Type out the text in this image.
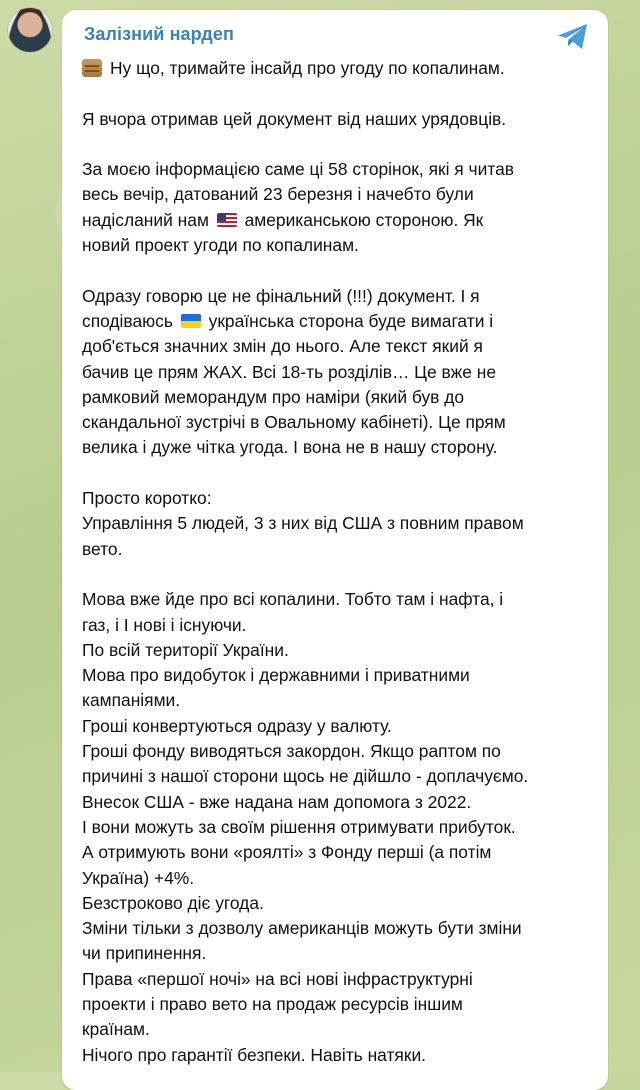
Залізний нардеп
Ну що, тримайте інсайд про угоду по копалинам.
Я вчора отримав цей документ від наших урядовців.
За моєю інформацією саме ці 58 сторінок, які я читав
весь вечір, датований 23 березня і начебто були
надісланий нам американською стороною. Як
новий проект угоди по копалинам.
Одразу говорю це не фінальний (!!!) документ. І я
сподіваюсь українська сторона буде вимагати і
доб'ється значних змін до нього. Але текст який я
бачив це прям ЖАХ. Всі 18-ть розділів… Це вже не
рамковий меморандум про наміри (який був до
скандальної зустрічі в Овальному кабінеті). Це прям
велика і дуже чітка угода. І вона не в нашу сторону.
Просто коротко:
Управління 5 людей, 3 з них від США з повним правом
вето.
Мова вже йде про всі копалини. Тобто там і нафта, і
газ, і І нові і існуючи.
По всій території України.
Мова про видобуток і державними і приватними
кампаніями.
Гроші конвертуються одразу у валюту.
Гроші фонду виводяться закордон. Якщо раптом по
причині з нашої сторони щось не дійшло - доплачуємо.
Внесок США - вже надана нам допомога з 2022.
І вони можуть за своїм рішення отримувати прибуток.
А отримують вони «роялті» з Фонду перші (а потім
Україна) +4%.
Безстроково діє угода.
Зміни тільки з дозволу американців можуть бути зміни
чи припинення.
Права «першої ночі» на всі нові інфраструктурні
проекти і право вето на продаж ресурсів іншим
країнам.
Нічого про гарантії безпеки. Навіть натяки.
